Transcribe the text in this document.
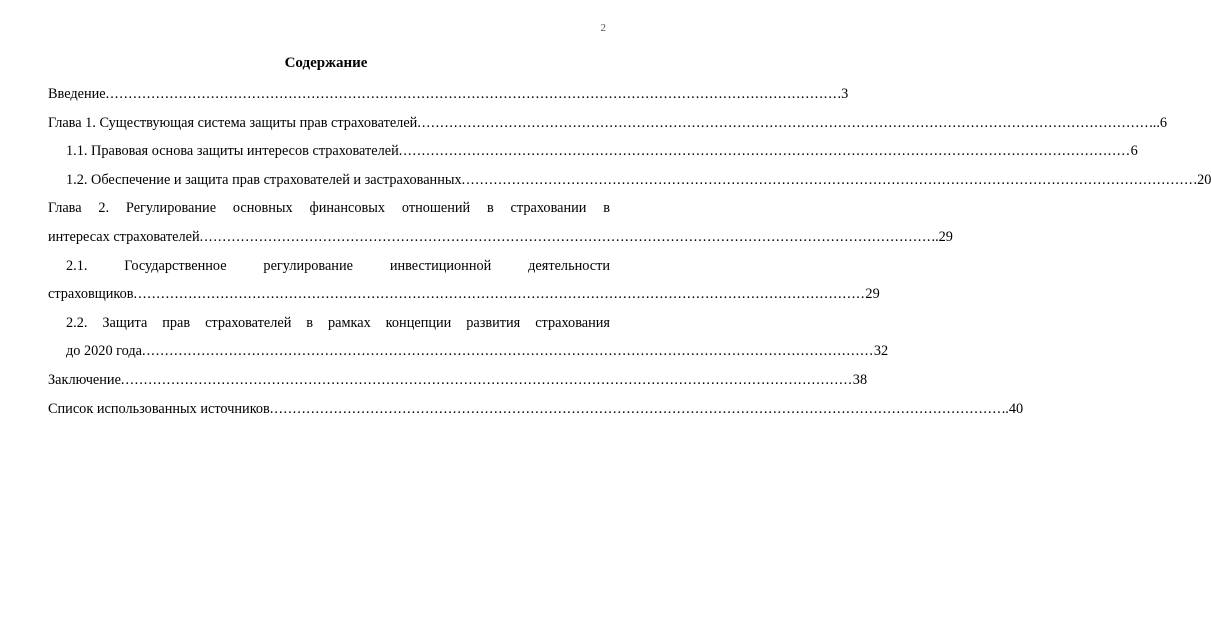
2
Содержание
Введение ................................................................................................................................................................ .3
Глава 1. Существующая система защиты прав страхователей ................................................................................................................................................................ ...6
1.1. Правовая основа защиты интересов страхователей ................................................................................................................................................................ 6
1.2. Обеспечение и защита прав страхователей и застрахованных ................................................................................................................................................................ .20
Глава 2. Регулирование основных финансовых отношений в страховании в
интересах страхователей ................................................................................................................................................................ ..29
2.1. Государственное регулирование инвестиционной деятельности
страховщиков ................................................................................................................................................................ 29
2.2. Защита прав страхователей в рамках концепции развития страхования
до 2020 года ................................................................................................................................................................ 32
Заключение ................................................................................................................................................................ 38
Список использованных источников ................................................................................................................................................................ ..40
